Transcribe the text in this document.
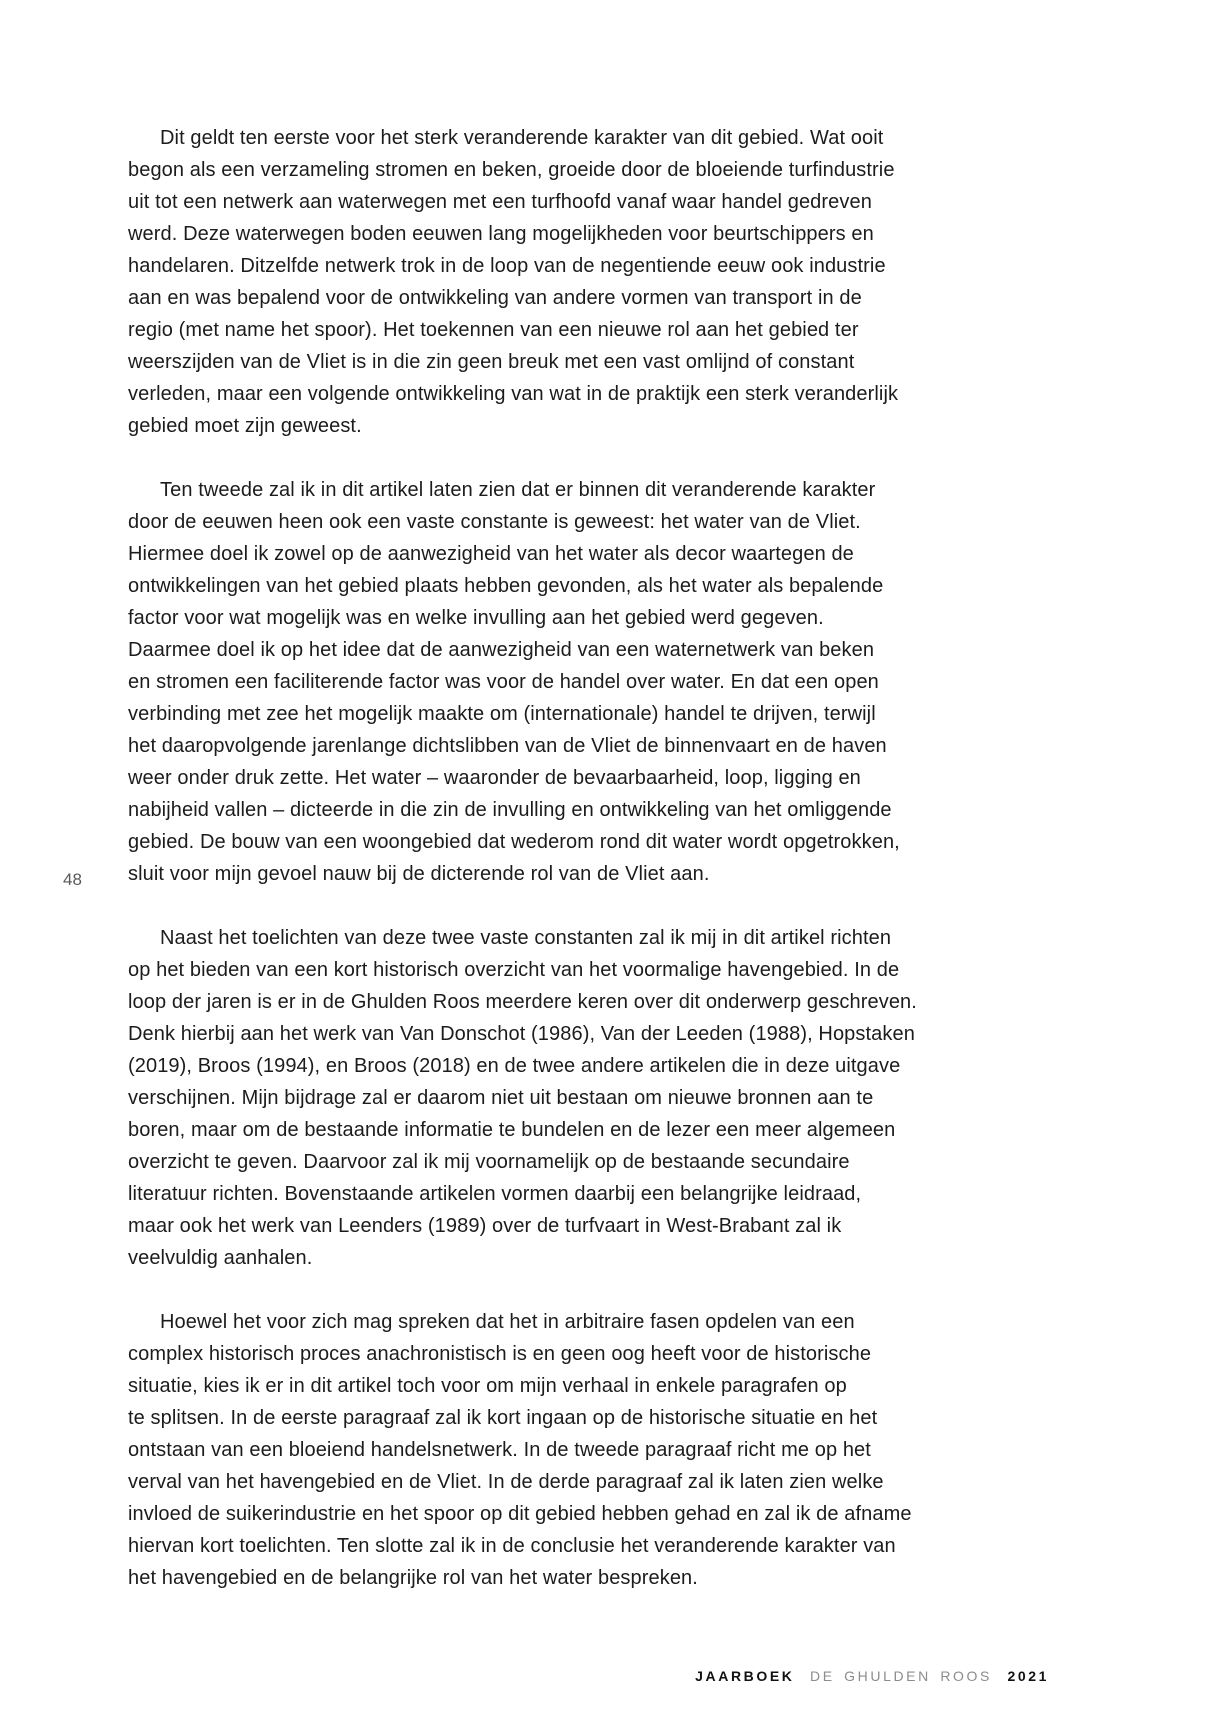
Dit geldt ten eerste voor het sterk veranderende karakter van dit gebied. Wat ooit
begon als een verzameling stromen en beken, groeide door de bloeiende turfindustrie
uit tot een netwerk aan waterwegen met een turfhoofd vanaf waar handel gedreven
werd. Deze waterwegen boden eeuwen lang mogelijkheden voor beurtschippers en
handelaren. Ditzelfde netwerk trok in de loop van de negentiende eeuw ook industrie
aan en was bepalend voor de ontwikkeling van andere vormen van transport in de
regio (met name het spoor). Het toekennen van een nieuwe rol aan het gebied ter
weerszijden van de Vliet is in die zin geen breuk met een vast omlijnd of constant
verleden, maar een volgende ontwikkeling van wat in de praktijk een sterk veranderlijk
gebied moet zijn geweest.

Ten tweede zal ik in dit artikel laten zien dat er binnen dit veranderende karakter
door de eeuwen heen ook een vaste constante is geweest: het water van de Vliet.
Hiermee doel ik zowel op de aanwezigheid van het water als decor waartegen de
ontwikkelingen van het gebied plaats hebben gevonden, als het water als bepalende
factor voor wat mogelijk was en welke invulling aan het gebied werd gegeven.
Daarmee doel ik op het idee dat de aanwezigheid van een waternetwerk van beken
en stromen een faciliterende factor was voor de handel over water. En dat een open
verbinding met zee het mogelijk maakte om (internationale) handel te drijven, terwijl
het daaropvolgende jarenlange dichtslibben van de Vliet de binnenvaart en de haven
weer onder druk zette. Het water – waaronder de bevaarbaarheid, loop, ligging en
nabijheid vallen – dicteerde in die zin de invulling en ontwikkeling van het omliggende
gebied. De bouw van een woongebied dat wederom rond dit water wordt opgetrokken,
sluit voor mijn gevoel nauw bij de dicterende rol van de Vliet aan.

Naast het toelichten van deze twee vaste constanten zal ik mij in dit artikel richten
op het bieden van een kort historisch overzicht van het voormalige havengebied. In de
loop der jaren is er in de Ghulden Roos meerdere keren over dit onderwerp geschreven.
Denk hierbij aan het werk van Van Donschot (1986), Van der Leeden (1988), Hopstaken
(2019), Broos (1994), en Broos (2018) en de twee andere artikelen die in deze uitgave
verschijnen. Mijn bijdrage zal er daarom niet uit bestaan om nieuwe bronnen aan te
boren, maar om de bestaande informatie te bundelen en de lezer een meer algemeen
overzicht te geven. Daarvoor zal ik mij voornamelijk op de bestaande secundaire
literatuur richten. Bovenstaande artikelen vormen daarbij een belangrijke leidraad,
maar ook het werk van Leenders (1989) over de turfvaart in West-Brabant zal ik
veelvuldig aanhalen.

Hoewel het voor zich mag spreken dat het in arbitraire fasen opdelen van een
complex historisch proces anachronistisch is en geen oog heeft voor de historische
situatie, kies ik er in dit artikel toch voor om mijn verhaal in enkele paragrafen op
te splitsen. In de eerste paragraaf zal ik kort ingaan op de historische situatie en het
ontstaan van een bloeiend handelsnetwerk. In de tweede paragraaf richt me op het
verval van het havengebied en de Vliet. In de derde paragraaf zal ik laten zien welke
invloed de suikerindustrie en het spoor op dit gebied hebben gehad en zal ik de afname
hiervan kort toelichten. Ten slotte zal ik in de conclusie het veranderende karakter van
het havengebied en de belangrijke rol van het water bespreken.

48
JAARBOEK DE GHULDEN ROOS 2021
